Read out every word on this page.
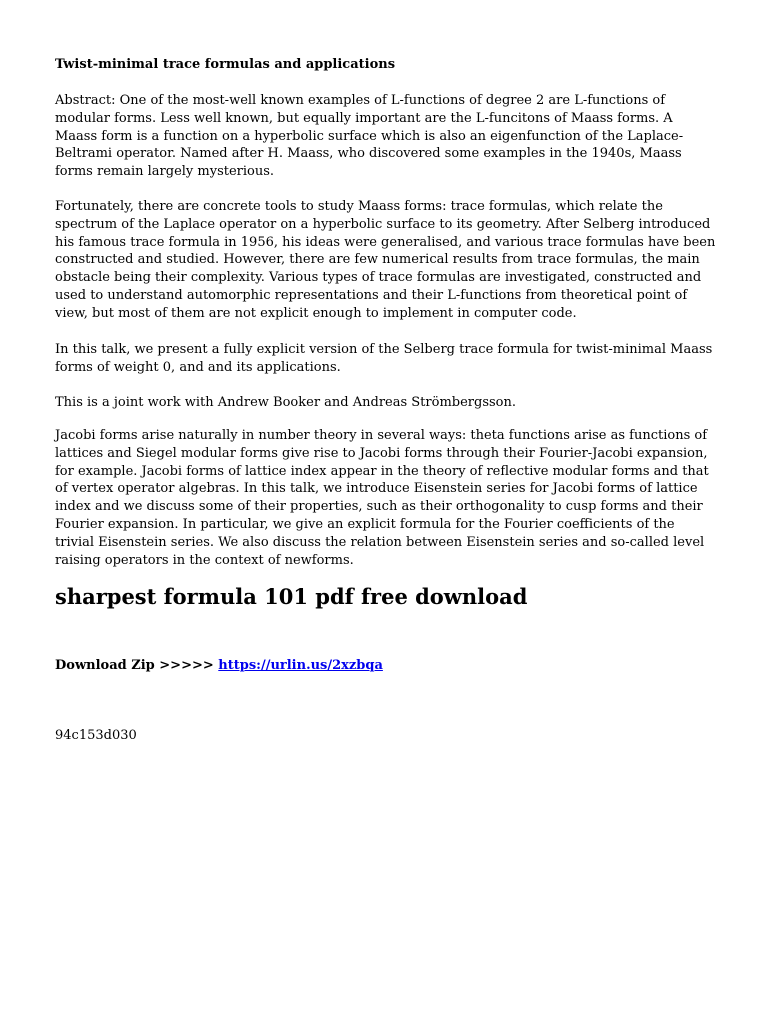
Twist-minimal trace formulas and applications

Abstract: One of the most-well known examples of L-functions of degree 2 are L-functions of modular forms. Less well known, but equally important are the L-funcitons of Maass forms. A Maass form is a function on a hyperbolic surface which is also an eigenfunction of the Laplace-Beltrami operator. Named after H. Maass, who discovered some examples in the 1940s, Maass forms remain largely mysterious.

Fortunately, there are concrete tools to study Maass forms: trace formulas, which relate the spectrum of the Laplace operator on a hyperbolic surface to its geometry. After Selberg introduced his famous trace formula in 1956, his ideas were generalised, and various trace formulas have been constructed and studied. However, there are few numerical results from trace formulas, the main obstacle being their complexity. Various types of trace formulas are investigated, constructed and used to understand automorphic representations and their L-functions from theoretical point of view, but most of them are not explicit enough to implement in computer code.

In this talk, we present a fully explicit version of the Selberg trace formula for twist-minimal Maass forms of weight 0, and and its applications.

This is a joint work with Andrew Booker and Andreas Strömbergsson.

Jacobi forms arise naturally in number theory in several ways: theta functions arise as functions of lattices and Siegel modular forms give rise to Jacobi forms through their Fourier-Jacobi expansion, for example. Jacobi forms of lattice index appear in the theory of reflective modular forms and that of vertex operator algebras. In this talk, we introduce Eisenstein series for Jacobi forms of lattice index and we discuss some of their properties, such as their orthogonality to cusp forms and their Fourier expansion. In particular, we give an explicit formula for the Fourier coefficients of the trivial Eisenstein series. We also discuss the relation between Eisenstein series and so-called level raising operators in the context of newforms.

sharpest formula 101 pdf free download
Download Zip >>>>> https://urlin.us/2xzbqa
94c153d030
